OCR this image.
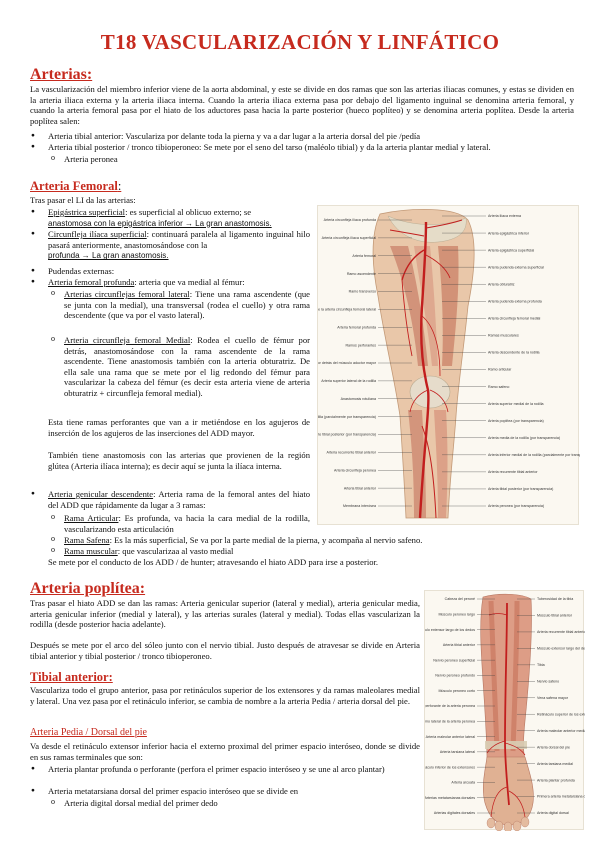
T18 VASCULARIZACIÓN Y LINFÁTICO
Arterias:
La vascularización del miembro inferior viene de la aorta abdominal, y este se divide en dos ramas que son las arterias iliacas comunes, y estas se dividen en la arteria iliaca externa y la arteria iliaca interna. Cuando la arteria iliaca externa pasa por debajo del ligamento inguinal se denomina arteria femoral, y cuando la arteria femoral pasa por el hiato de los aductores pasa hacia la parte posterior (hueco poplíteo) y se denomina arteria poplítea. Desde la arteria poplítea salen:
● Arteria tibial anterior: Vasculariza por delante toda la pierna y va a dar lugar a la arteria dorsal del pie /pedía
● Arteria tibial posterior / tronco tibioperoneo: Se mete por el seno del tarso (maléolo tibial) y da la arteria plantar medial y lateral.
o Arteria peronea
Arteria Femoral:
Tras pasar el LI da las arterias:
● Epigástrica superficial: es superficial al oblicuo externo; se
anastomosa con la epigástrica inferior → La gran anastomosis.
● Circunfleja ilíaca superficial: continuará paralela al ligamento inguinal hilo pasará anteriormente, anastomosándose con la
profunda → La gran anastomosis.
● Pudendas externas:
● Arteria femoral profunda: arteria que va medial al fémur:
o Arterias circunflejas femoral lateral: Tiene una rama ascendente (que se junta con la medial), una transversal (rodea el cuello) y otra rama descendente (que va por el vasto lateral).
o Arteria circunfleja femoral Medial: Rodea el cuello de fémur por detrás, anastomosándose con la rama ascendente de la rama ascendente. Tiene anastomosis también con la arteria obturatriz. De ella sale una rama que se mete por el lig redondo del fémur para vascularizar la cabeza del fémur (es decir esta arteria viene de arteria obturatriz + circunfleja femoral medial).
Esta tiene ramas perforantes que van a ir metiéndose en los agujeros de inserción de los agujeros de las inserciones del ADD mayor.
También tiene anastomosis con las arterias que provienen de la región glútea (Arteria ilíaca interna); es decir aquí se junta la ilíaca interna.
● Arteria genicular descendente: Arteria rama de la femoral antes del hiato del ADD que rápidamente da lugar a 3 ramas:
o Rama Articular: Es profunda, va hacia la cara medial de la rodilla, vascularizando esta articulación
o Rama Safena: Es la más superficial, Se va por la parte medial de la pierna, y acompaña al nervio safeno.
o Rama muscular: que vascularizaa al vasto medial
Se mete por el conducto de los ADD / de hunter; atravesando el hiato ADD para irse a posterior.
Arteria circunfleja ilíaca profunda
Arteria circunfleja ilíaca superficial
Arteria femoral
Ramo ascendente
Ramo transverso
e la arteria circunfleja femoral lateral
Arteria femoral profunda
Ramos perforantes
or detrás del músculo aductor mayor
Arteria superior lateral de la rodilla
Anastomosis rotuliana
illa (parcialmente por transparencia)
te tibial posterior (por transparencia)
Arteria recurrente tibial anterior
Arteria circunfleja peronea
Arteria tibial anterior
Membrana interósea
Arteria ilíaca externa
Arteria epigástrica inferior
Arteria epigástrica superficial
Arteria pudenda externa superficial
Arteria obturatriz
Arteria pudenda externa profunda
Arteria circunfleja femoral medial
Ramas musculares
Arteria descendente de la rodilla
Ramo articular
Ramo safeno
Arteria superior medial de la rodilla
Arteria poplítea (por transparencia)
Arteria media de la rodilla (por transparencia)
Arteria inferior medial de la rodilla (parcialmente por trans
Arteria recurrente tibial anterior
Arteria tibial posterior (por transparencia)
Arteria peronea (por transparencia)
Arteria poplítea:
Tras pasar el hiato ADD se dan las ramas: Arteria genicular superior (lateral y medial), arteria genicular media, arteria genicular inferior (medial y lateral), y las arterias surales (lateral y medial). Todas ellas vascularizan la rodilla (desde posterior hacia adelante).
Después se mete por el arco del sóleo junto con el nervio tibial. Justo después de atravesar se divide en Arteria tibial anterior y tibial posterior / tronco tibioperoneo.
Tibial anterior:
Vasculariza todo el grupo anterior, pasa por retináculos superior de los extensores y da ramas maleolares medial y lateral. Una vez pasa por el retináculo inferior, se cambia de nombre a la arteria Pedia / arteria dorsal del pie.
Arteria Pedia / Dorsal del pie
Va desde el retináculo extensor inferior hacia el externo proximal del primer espacio interóseo, donde se divide en sus ramas terminales que son:
● Arteria plantar profunda o perforante (perfora el primer espacio interóseo y se une al arco plantar)
● Arteria metatarsiana dorsal del primer espacio interóseo que se divide en
o Arteria digital dorsal medial del primer dedo
Cabeza del peroné
Músculo peroneo largo
ulo extensor largo de los dedos
Arteria tibial anterior
Nervio peroneo superficial
Nervio peroneo profundo
Músculo peroneo corto
perforante de la arteria peronea
Ramo lateral de la arteria peronea
Arteria maleolar anterior lateral
Arteria tarsiana lateral
áculo inferior de los extensores
Arteria arcuata
Arterias metatarsianas dorsales
Arterias digitales dorsales
Tuberosidad de la tibia
Músculo tibial anterior
Arteria recurrente tibial anterior
Músculo extensor largo del de
Tibia
Nervio safeno
Vena safena mayor
Retináculo superior de los ex
Arteria maleolar anterior medial
Arteria dorsal del pie
Arteria tarsiana medial
Arteria plantar profunda
Primera arteria metatarsiana
Arteria digital dorsal
